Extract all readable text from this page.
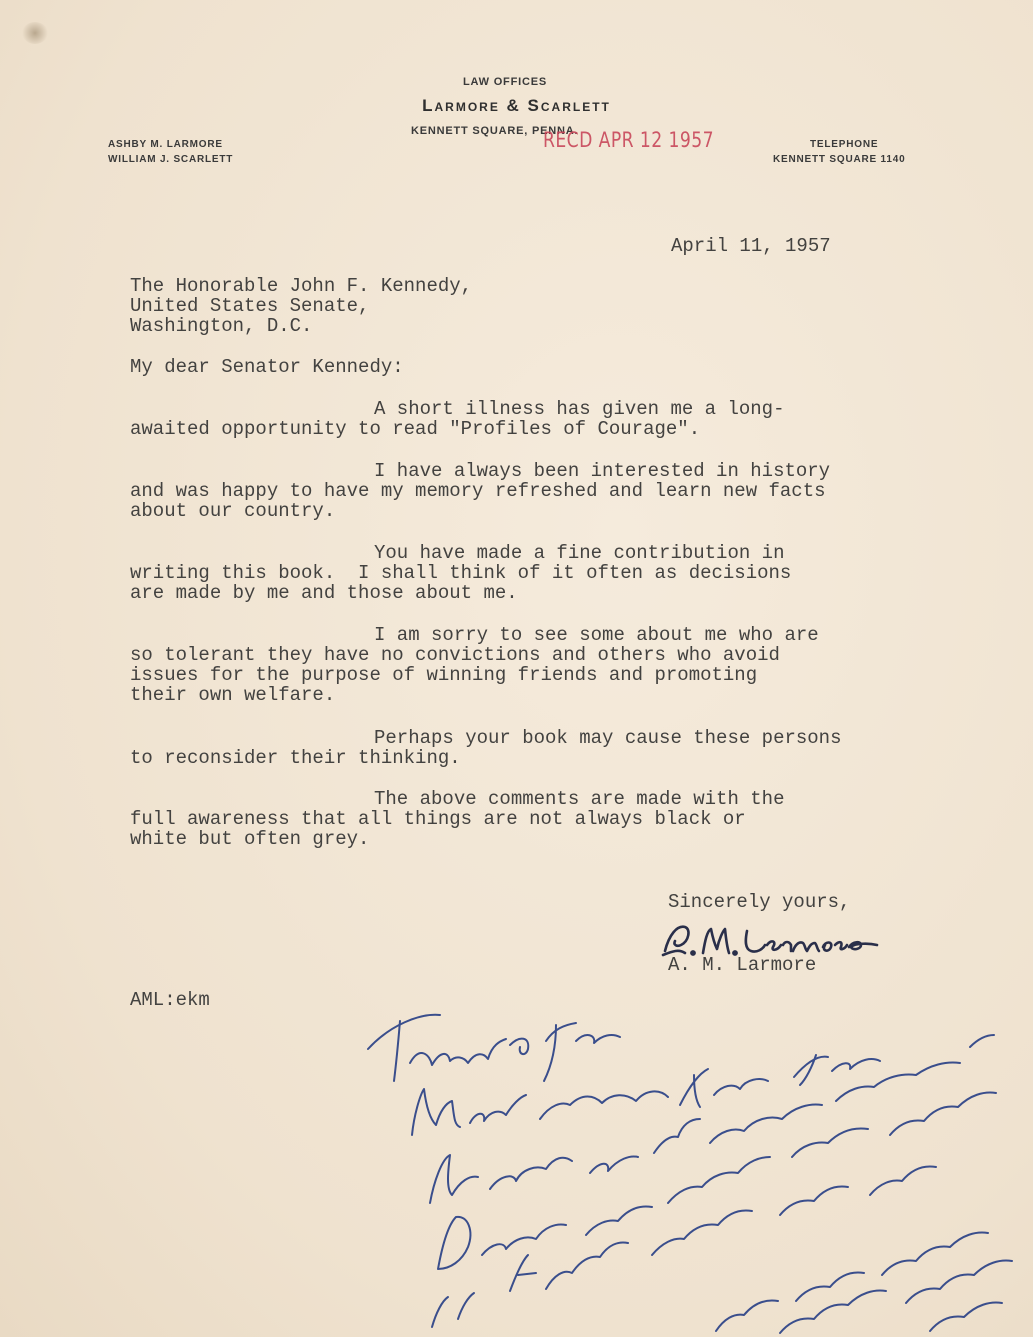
LAW OFFICES
Larmore & Scarlett
KENNETT SQUARE, PENNA.
ASHBY M. LARMORE
WILLIAM J. SCARLETT
TELEPHONE
KENNETT SQUARE 1140
RECD APR 12 1957
April 11, 1957
The Honorable John F. Kennedy,
United States Senate,
Washington, D.C.
My dear Senator Kennedy:
A short illness has given me a long-
awaited opportunity to read "Profiles of Courage".
I have always been interested in history
and was happy to have my memory refreshed and learn new facts
about our country.
You have made a fine contribution in
writing this book.  I shall think of it often as decisions
are made by me and those about me.
I am sorry to see some about me who are
so tolerant they have no convictions and others who avoid
issues for the purpose of winning friends and promoting
their own welfare.
Perhaps your book may cause these persons
to reconsider their thinking.
The above comments are made with the
full awareness that all things are not always black or
white but often grey.
Sincerely yours,
A. M. Larmore
AML:ekm
